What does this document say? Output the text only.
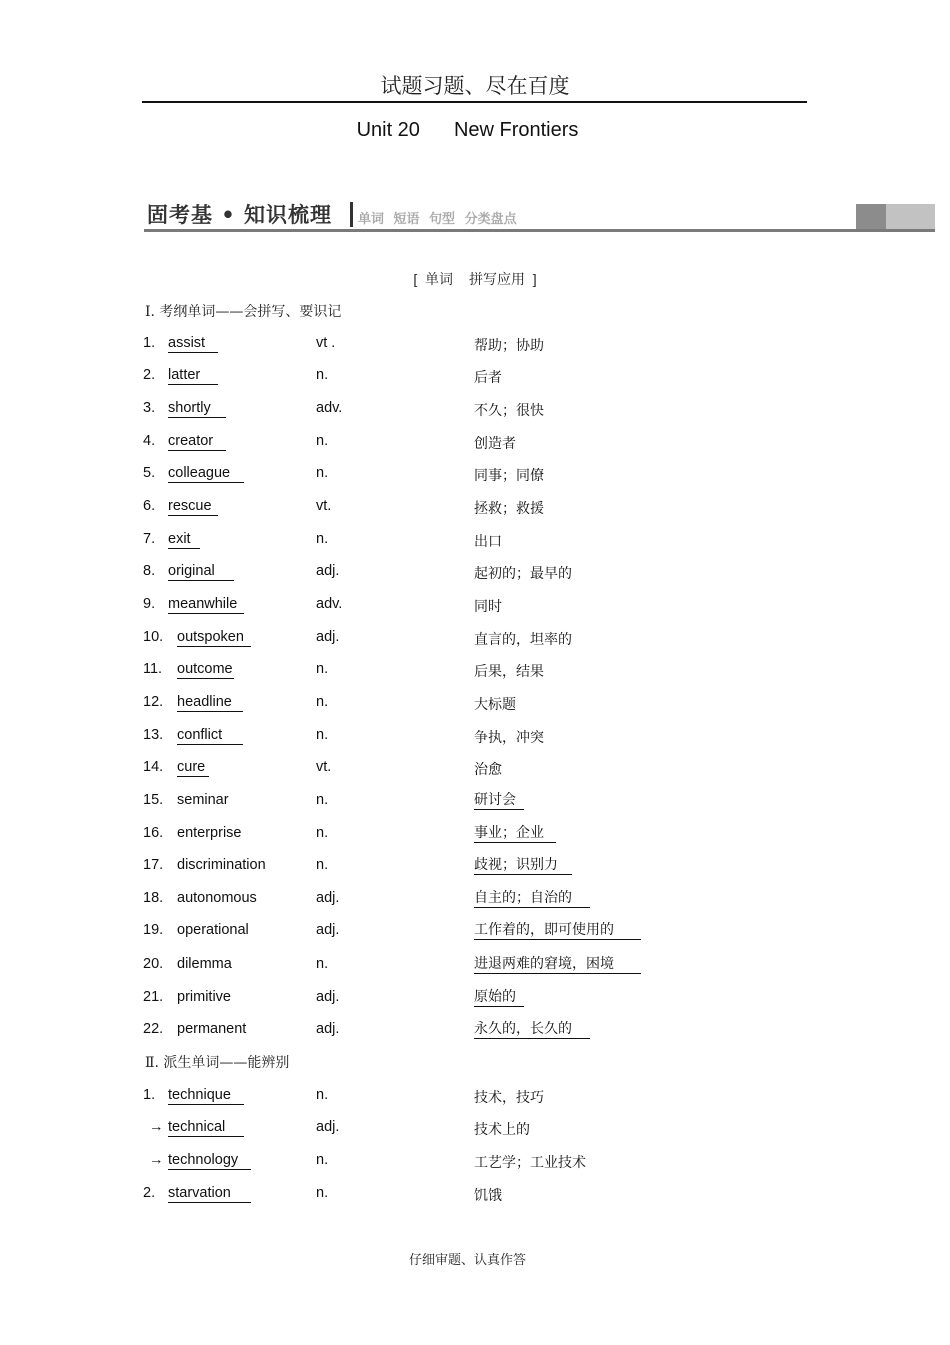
试题习题、尽在百度
Unit 20 New Frontiers
固考基 • 知识梳理 单词 短语 句型 分类盘点
[ 单词 拼写应用 ]
Ⅰ. 考纲单词——会拼写、要识记
1. assist	vt .	帮助；协助
2. latter	n.	后者
3. shortly	adv.	不久；很快
4. creator	n.	创造者
5. colleague	n.	同事；同僚
6. rescue	vt.	拯救；救援
7. exit	n.	出口
8. original	adj.	起初的；最早的
9. meanwhile	adv.	同时
10. outspoken	adj.	直言的，坦率的
11. outcome	n.	后果，结果
12. headline	n.	大标题
13. conflict	n.	争执，冲突
14. cure	vt.	治愈
15. seminar	n.	研讨会
16. enterprise	n.	事业；企业
17. discrimination	n.	歧视；识别力
18. autonomous	adj.	自主的；自治的
19. operational	adj.	工作着的，即可使用的
20. dilemma	n.	进退两难的窘境，困境
21. primitive	adj.	原始的
22. permanent	adj.	永久的，长久的
Ⅱ. 派生单词——能辨别
1. technique	n.	技术，技巧
→ technical	adj.	技术上的
→ technology	n.	工艺学；工业技术
2. starvation	n.	饥饿
仔细审题、认真作答
